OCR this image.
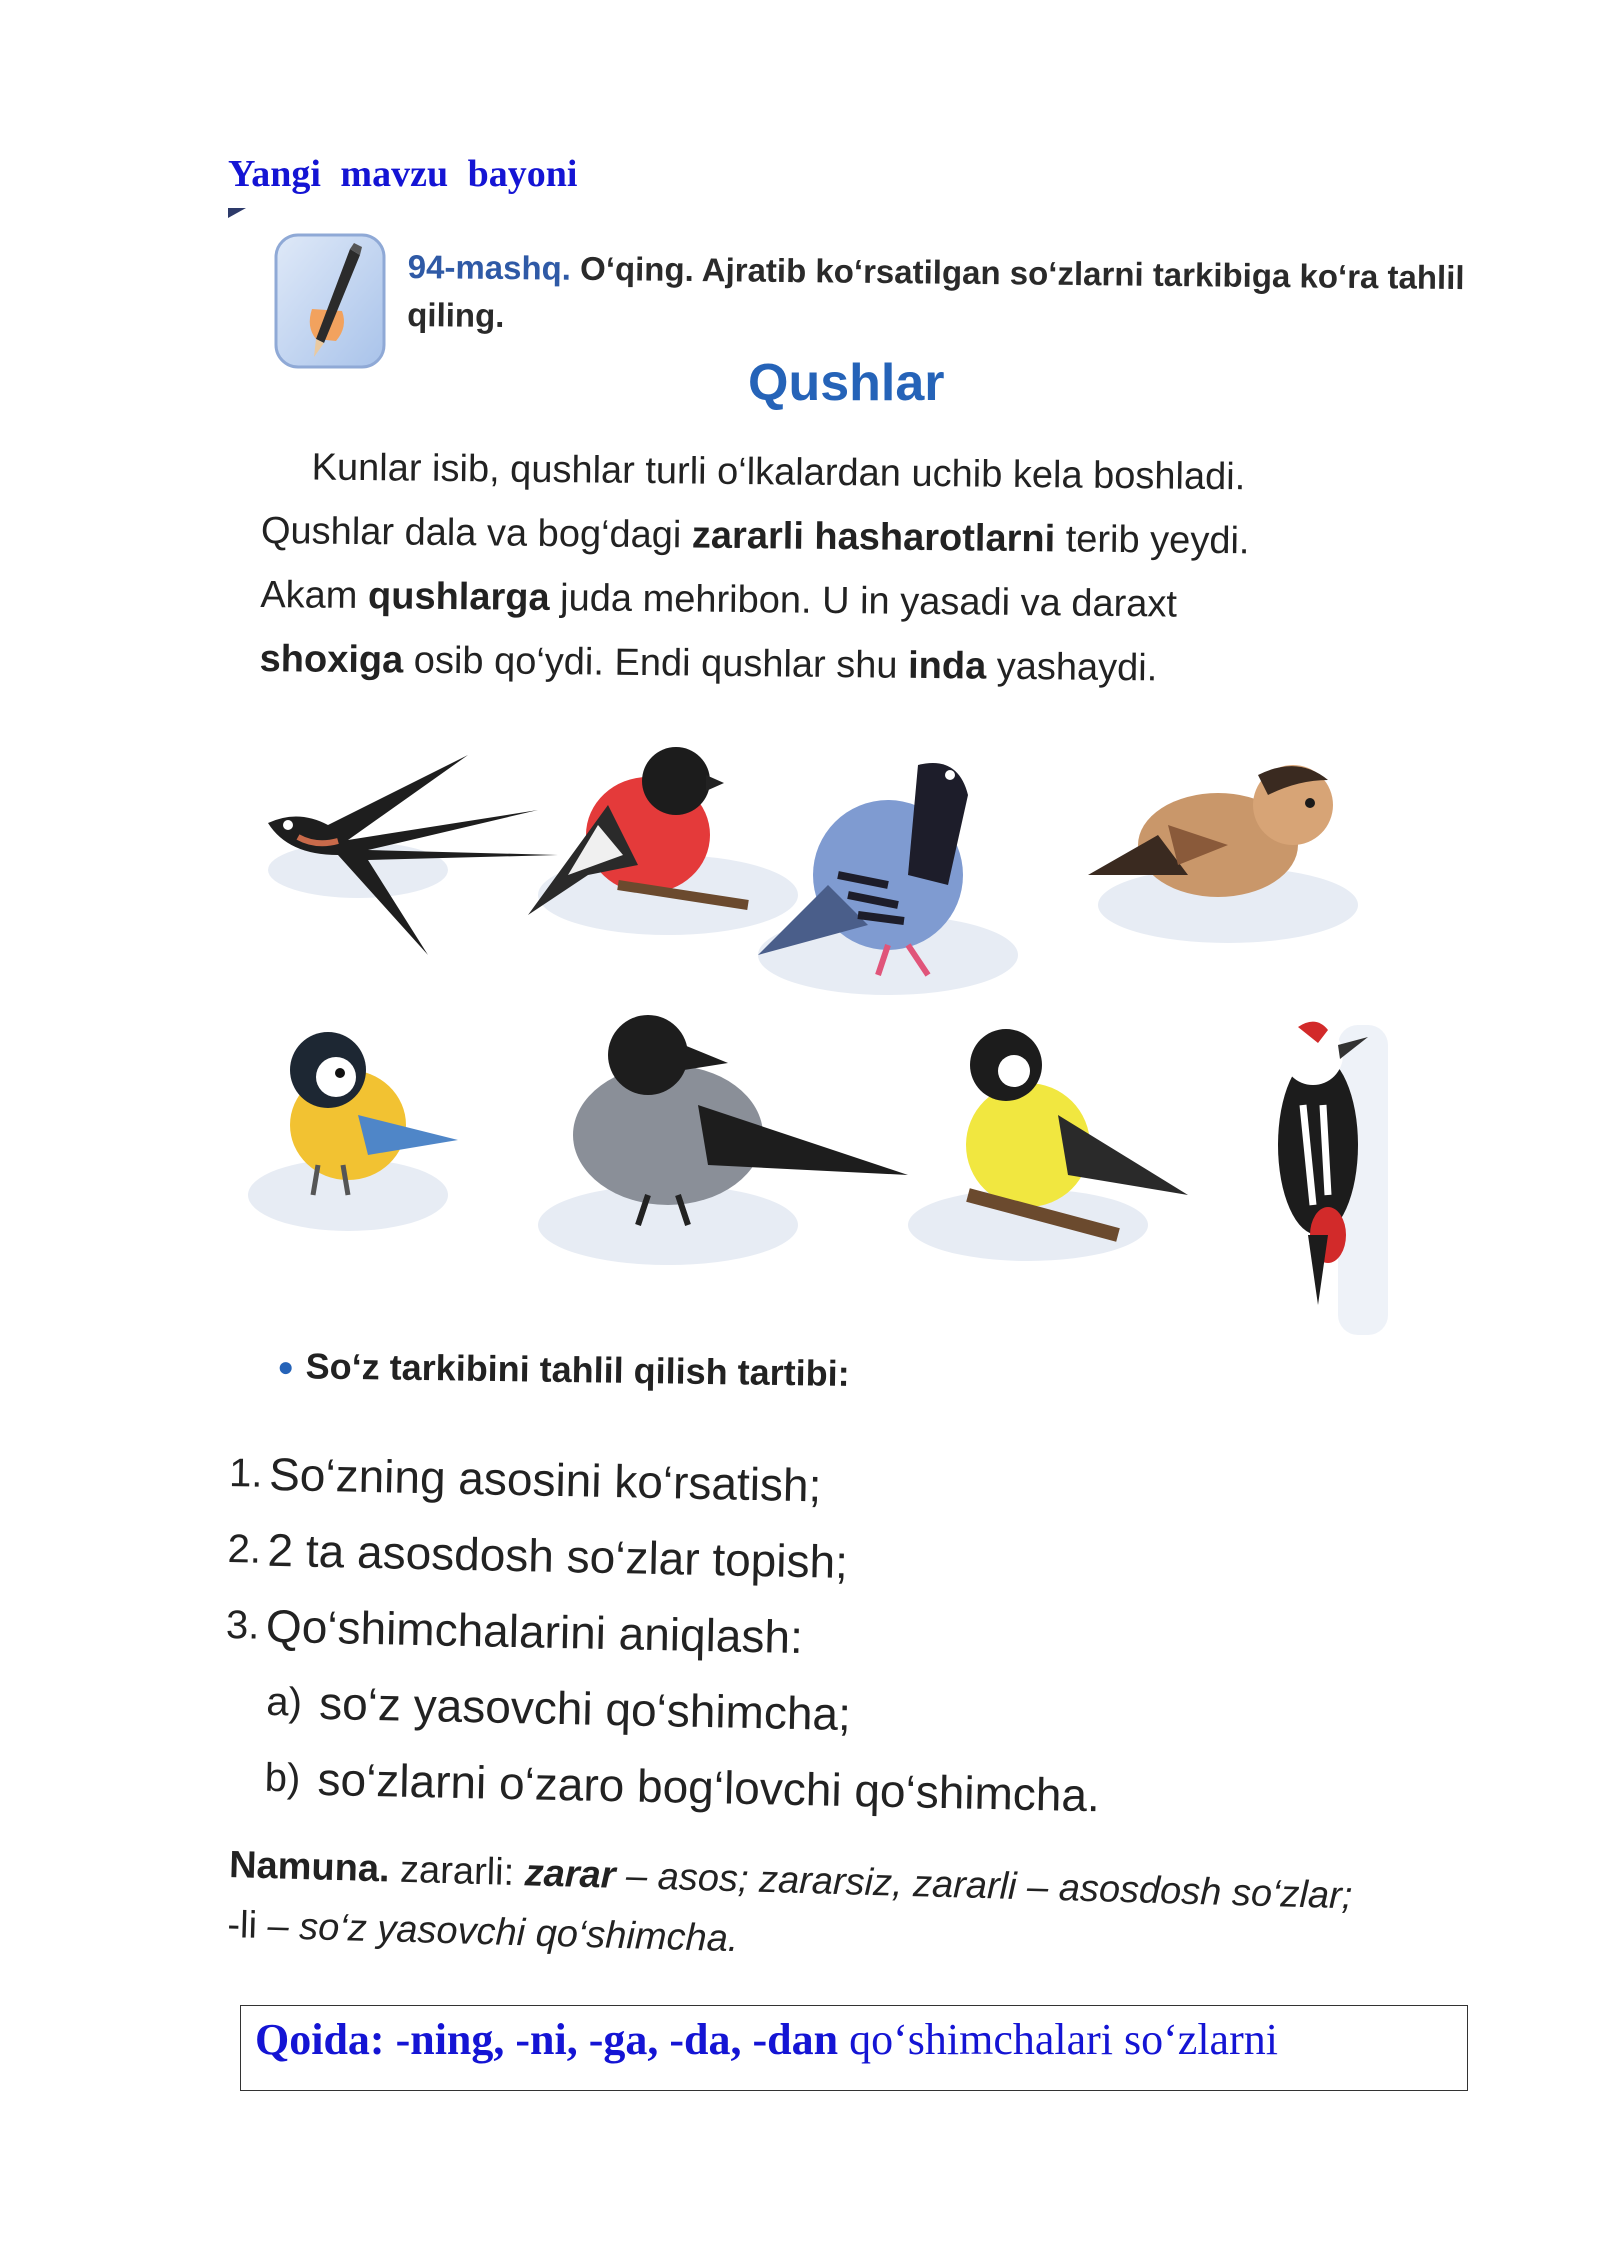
Yangi mavzu bayoni
94-mashq. O‘qing. Ajratib ko‘rsatilgan so‘zlarni tarkibiga ko‘ra tahlil qiling.
Qushlar

Kunlar isib, qushlar turli o‘lkalardan uchib kela boshladi.

Qushlar dala va bog‘dagi zararli hasharotlarni terib yeydi.

Akam qushlarga juda mehribon. U in yasadi va daraxt

shoxiga osib qo‘ydi. Endi qushlar shu inda yashaydi.

So‘z tarkibini tahlil qilish tartibi:
1. So‘zning asosini ko‘rsatish;
2. 2 ta asosdosh so‘zlar topish;
3. Qo‘shimchalarini aniqlash:
a) so‘z yasovchi qo‘shimcha;
b) so‘zlarni o‘zaro bog‘lovchi qo‘shimcha.
Namuna. zararli: zarar – asos; zararsiz, zararli – asosdosh so‘zlar;
-li – so‘z yasovchi qo‘shimcha.
Qoida: -ning, -ni, -ga, -da, -dan qo‘shimchalari so‘zlarni
